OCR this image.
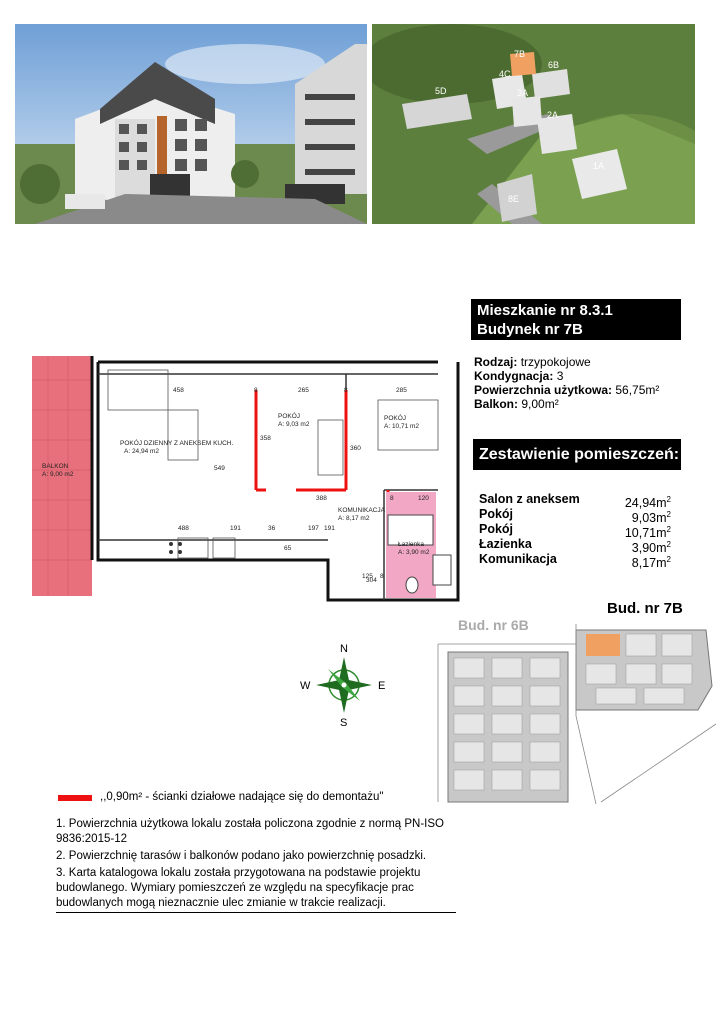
7B
6B
4C
5D	3A
2A
1A
8E
Mieszkanie nr 8.3.1
Budynek nr 7B
Rodzaj: trzypokojowe
Kondygnacja: 3
Powierzchnia użytkowa: 56,75m²
Balkon: 9,00m²
Zestawienie pomieszczeń:
Salon z aneksem	$24,94m^2$
Pokój	$9,03m^2$
Pokój	$10,71m^2$
Łazienka	$3,90m^2$
Komunikacja	$8,17m^2$
BALKON
A: 9,00 m2
POKÓJ DZIENNY Z ANEKSEM KUCH.
A: 24,94 m2
POKÓJ
A: 9,03 m2
POKÓJ
A: 10,71 m2
KOMUNIKACJA
A: 8,17 m2
Łazienka
A: 3,90 m2
458	8	265	8	285
549
358
360
388	8	120
488	191	36	197 191
65
304
125 8
N
S
W	E
Bud. nr 6B
Bud. nr 7B
,,0,90m² - ścianki działowe nadające się do demontażu"
1. Powierzchnia użytkowa lokalu została policzona zgodnie z normą PN-ISO 9836:2015-12
2. Powierzchnię tarasów i balkonów podano jako powierzchnię posadzki.
3. Karta katalogowa lokalu została przygotowana na podstawie projektu budowlanego. Wymiary pomieszczeń ze względu na specyfikacje prac budowlanych mogą nieznacznie ulec zmianie w trakcie realizacji.
